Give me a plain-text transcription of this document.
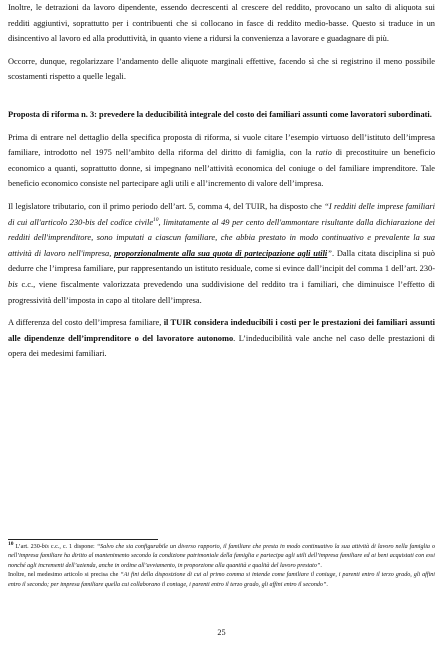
Inoltre, le detrazioni da lavoro dipendente, essendo decrescenti al crescere del reddito, provocano un salto di aliquota sui redditi aggiuntivi, soprattutto per i contribuenti che si collocano in fasce di reddito medio-basse. Questo si traduce in un disincentivo al lavoro ed alla produttività, in quanto viene a ridursi la convenienza a lavorare e guadagnare di più.

Occorre, dunque, regolarizzare l’andamento delle aliquote marginali effettive, facendo sì che si registrino il meno possibile scostamenti rispetto a quelle legali.

Proposta di riforma n. 3: prevedere la deducibilità integrale del costo dei familiari assunti come lavoratori subordinati.

Prima di entrare nel dettaglio della specifica proposta di riforma, si vuole citare l’esempio virtuoso dell’istituto dell’impresa familiare, introdotto nel 1975 nell’ambito della riforma del diritto di famiglia, con la ratio di precostituire un beneficio economico a quanti, soprattutto donne, si impegnano nell’attività economica del coniuge o del familiare imprenditore. Tale beneficio economico consiste nel partecipare agli utili e all’incremento di valore dell’impresa.

Il legislatore tributario, con il primo periodo dell’art. 5, comma 4, del TUIR, ha disposto che “I redditi delle imprese familiari di cui all'articolo 230-bis del codice civile$^{10}$, limitatamente al 49 per cento dell'ammontare risultante dalla dichiarazione dei redditi dell'imprenditore, sono imputati a ciascun familiare, che abbia prestato in modo continuativo e prevalente la sua attività di lavoro nell'impresa, proporzionalmente alla sua quota di partecipazione agli utili”. Dalla citata disciplina si può dedurre che l’impresa familiare, pur rappresentando un istituto residuale, come si evince dall’incipit del comma 1 dell’art. 230-bis c.c., viene fiscalmente valorizzata prevedendo una suddivisione del reddito tra i familiari, che diminuisce l’effetto di progressività dell’imposta in capo al titolare dell’impresa.

A differenza del costo dell’impresa familiare, il TUIR considera indeducibili i costi per le prestazioni dei familiari assunti alle dipendenze dell’imprenditore o del lavoratore autonomo. L’indeducibilità vale anche nel caso delle prestazioni di opera dei medesimi familiari.

$^{10}$ L’art. 230-bis c.c., c. 1 dispone: “Salvo che sia configurabile un diverso rapporto, il familiare che presta in modo continuativo la sua attività di lavoro nella famiglia o nell’impresa familiare ha diritto al mantenimento secondo la condizione patrimoniale della famiglia e partecipa agli utili dell’impresa familiare ed ai beni acquistati con essi nonché agli incrementi dell’azienda, anche in ordine all’avviamento, in proporzione alla quantità e qualità del lavoro prestato”.

Inoltre, nel medesimo articolo si precisa che “Ai fini della disposizione di cui al primo comma si intende come familiare il coniuge, i parenti entro il terzo grado, gli affini entro il secondo; per impresa familiare quella cui collaborano il coniuge, i parenti entro il terzo grado, gli affini entro il secondo”.

25
